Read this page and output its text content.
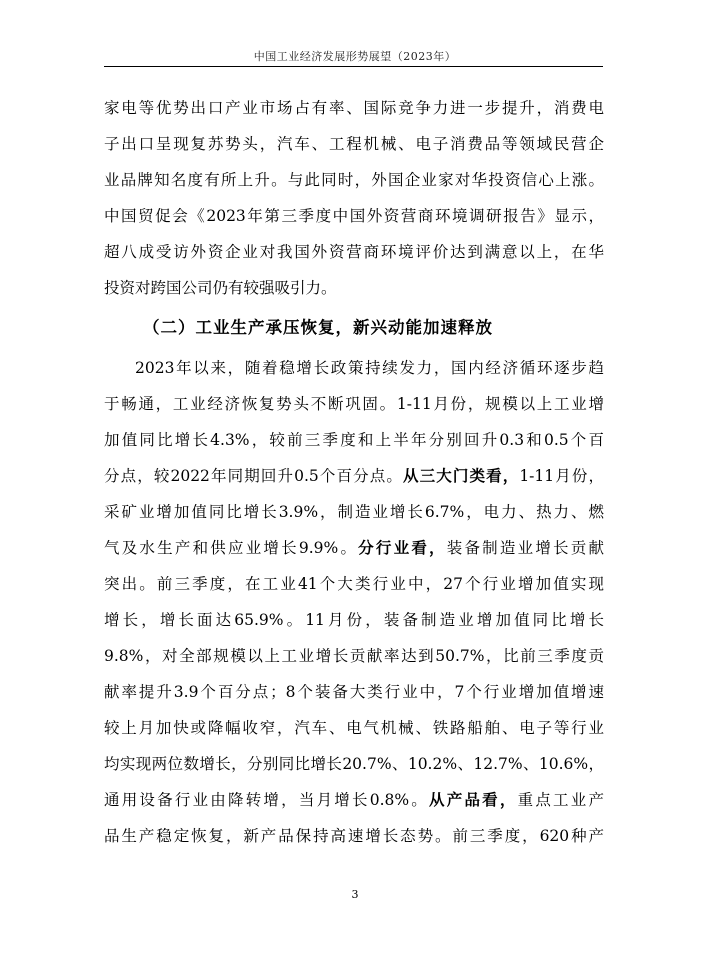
中国工业经济发展形势展望（2023年）
家电等优势出口产业市场占有率、国际竞争力进一步提升，消费电
子出口呈现复苏势头，汽车、工程机械、电子消费品等领域民营企
业品牌知名度有所上升。与此同时，外国企业家对华投资信心上涨。
中国贸促会《2023年第三季度中国外资营商环境调研报告》显示，
超八成受访外资企业对我国外资营商环境评价达到满意以上，在华
投资对跨国公司仍有较强吸引力。
（二）工业生产承压恢复，新兴动能加速释放
2023年以来，随着稳增长政策持续发力，国内经济循环逐步趋
于畅通，工业经济恢复势头不断巩固。1-11月份，规模以上工业增
加值同比增长4.3%，较前三季度和上半年分别回升0.3和0.5个百
分点，较2022年同期回升0.5个百分点。从三大门类看，1-11月份，
采矿业增加值同比增长3.9%，制造业增长6.7%，电力、热力、燃
气及水生产和供应业增长9.9%。分行业看，装备制造业增长贡献
突出。前三季度，在工业41个大类行业中，27个行业增加值实现
增长，增长面达65.9%。11月份，装备制造业增加值同比增长
9.8%，对全部规模以上工业增长贡献率达到50.7%，比前三季度贡
献率提升3.9个百分点；8个装备大类行业中，7个行业增加值增速
较上月加快或降幅收窄，汽车、电气机械、铁路船舶、电子等行业
均实现两位数增长，分别同比增长20.7%、10.2%、12.7%、10.6%，
通用设备行业由降转增，当月增长0.8%。从产品看，重点工业产
品生产稳定恢复，新产品保持高速增长态势。前三季度，620种产
3
